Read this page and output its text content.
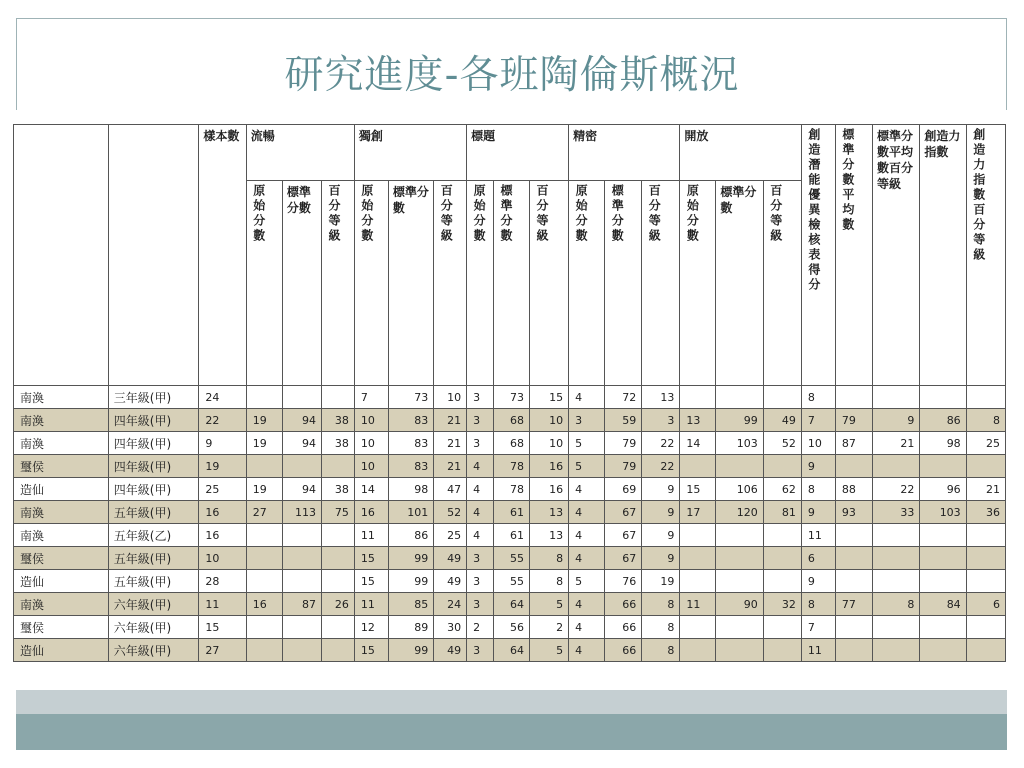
研究進度-各班陶倫斯概況
		樣本數	流暢			獨創			標題			精密			開放			創造潛能優異檢核表得分	標準分數平均數	標準分數平均數百分等級	創造力指數	創造力指數百分等級
			原始分數	標準分數	百分等級	原始分數	標準分數	百分等級	原始分數	標準分數	百分等級	原始分數	標準分數	百分等級	原始分數	標準分數	百分等級					
南渙	三年級(甲)	24				7	73	10	3	73	15	4	72	13				8				
南渙	四年級(甲)	22	19	94	38	10	83	21	3	68	10	3	59	3	13	99	49	7	79	9	86	8
南渙	四年級(甲)	9	19	94	38	10	83	21	3	68	10	5	79	22	14	103	52	10	87	21	98	25
璽侯	四年級(甲)	19				10	83	21	4	78	16	5	79	22				9				
造仙	四年級(甲)	25	19	94	38	14	98	47	4	78	16	4	69	9	15	106	62	8	88	22	96	21
南渙	五年級(甲)	16	27	113	75	16	101	52	4	61	13	4	67	9	17	120	81	9	93	33	103	36
南渙	五年級(乙)	16				11	86	25	4	61	13	4	67	9				11				
璽侯	五年級(甲)	10				15	99	49	3	55	8	4	67	9				6				
造仙	五年級(甲)	28				15	99	49	3	55	8	5	76	19				9				
南渙	六年級(甲)	11	16	87	26	11	85	24	3	64	5	4	66	8	11	90	32	8	77	8	84	6
璽侯	六年級(甲)	15				12	89	30	2	56	2	4	66	8				7				
造仙	六年級(甲)	27				15	99	49	3	64	5	4	66	8				11				
